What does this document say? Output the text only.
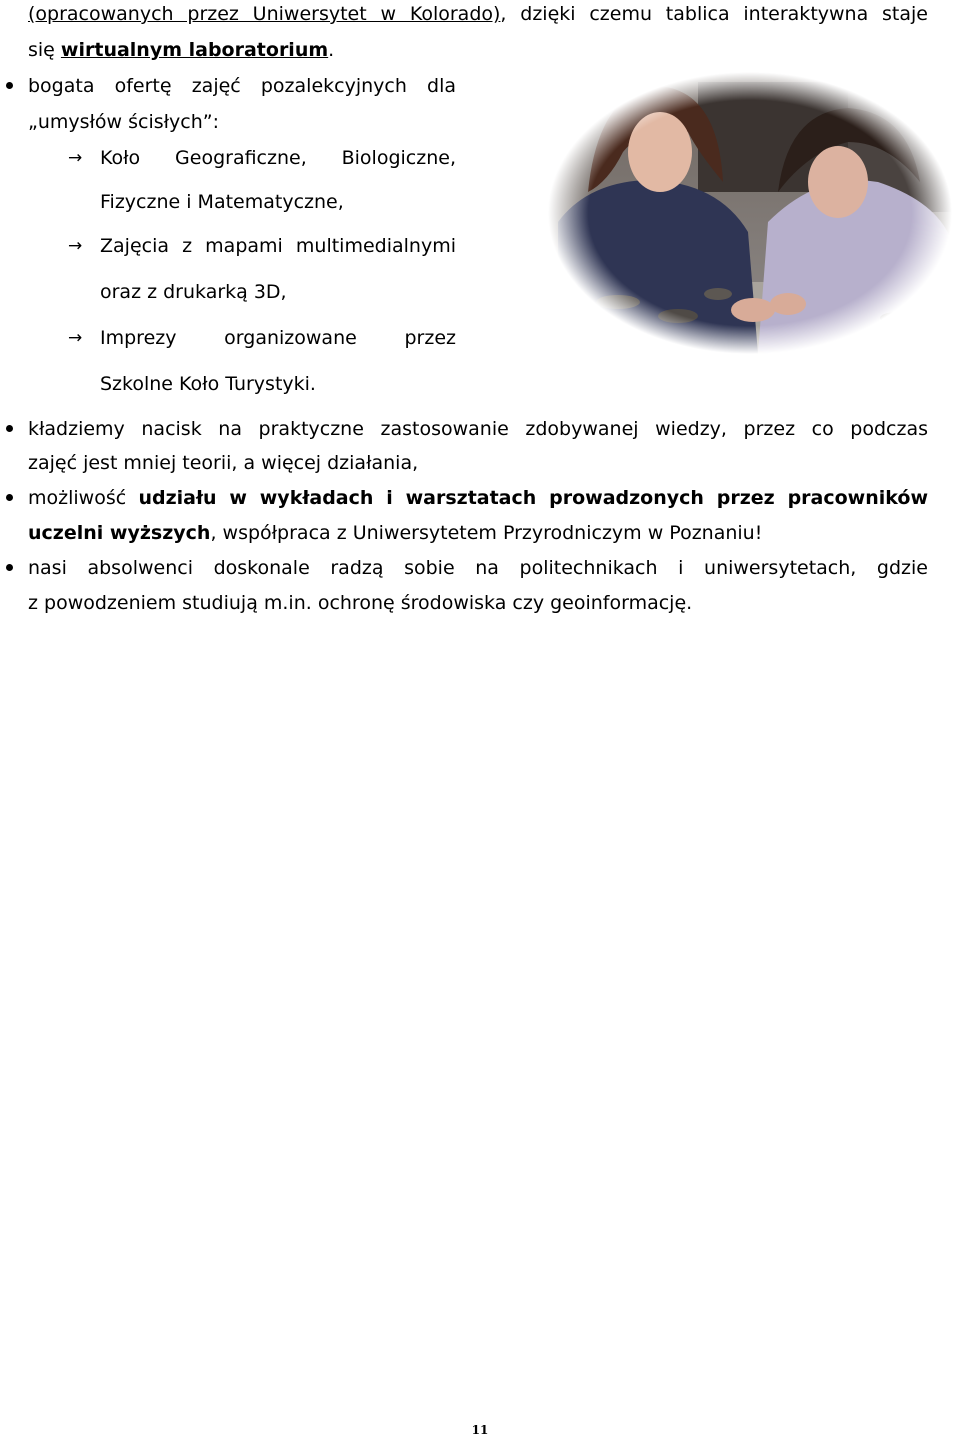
(opracowanych przez Uniwersytet w Kolorado), dzięki czemu tablica interaktywna staje
się wirtualnym laboratorium.
bogata ofertę zajęć pozalekcyjnych dla
„umysłów ścisłych”:
→ Koło Geograficzne, Biologiczne,
Fizyczne i Matematyczne,
→ Zajęcia z mapami multimedialnymi
oraz z drukarką 3D,
→ Imprezy organizowane przez
Szkolne Koło Turystyki.
kładziemy nacisk na praktyczne zastosowanie zdobywanej wiedzy, przez co podczas
zajęć jest mniej teorii, a więcej działania,
możliwość udziału w wykładach i warsztatach prowadzonych przez pracowników
uczelni wyższych, współpraca z Uniwersytetem Przyrodniczym w Poznaniu!
nasi absolwenci doskonale radzą sobie na politechnikach i uniwersytetach, gdzie
z powodzeniem studiują m.in. ochronę środowiska czy geoinformację.
11
